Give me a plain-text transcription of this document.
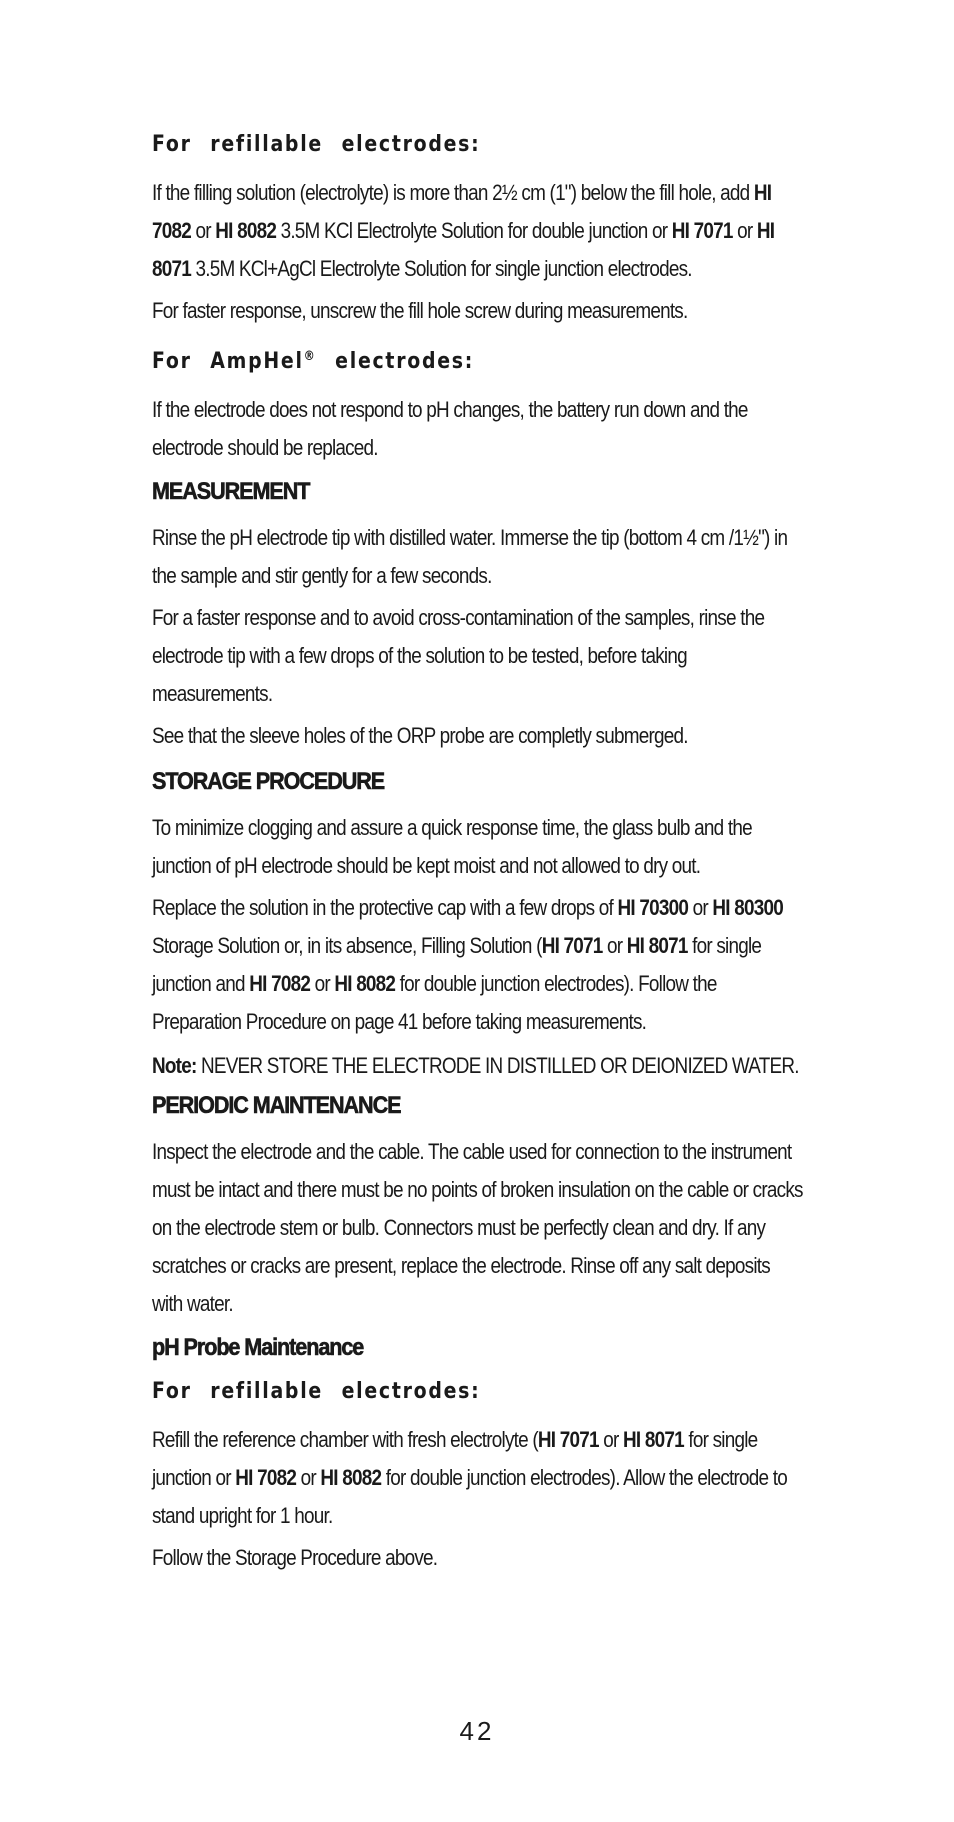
For refillable electrodes:

If the filling solution (electrolyte) is more than 2½ cm (1") below the fill hole, add HI 7082 or HI 8082 3.5M KCl Electrolyte Solution for double junction or HI 7071 or HI 8071 3.5M KCl+AgCl Electrolyte Solution for single junction electrodes.

For faster response, unscrew the fill hole screw during measurements.

For AmpHel® electrodes:

If the electrode does not respond to pH changes, the battery run down and the electrode should be replaced.

MEASUREMENT

Rinse the pH electrode tip with distilled water. Immerse the tip (bottom 4 cm /1½") in the sample and stir gently for a few seconds.

For a faster response and to avoid cross-contamination of the samples, rinse the electrode tip with a few drops of the solution to be tested, before taking measurements.

See that the sleeve holes of the ORP probe are completly submerged.

STORAGE PROCEDURE

To minimize clogging and assure a quick response time, the glass bulb and the junction of pH electrode should be kept moist and not allowed to dry out.

Replace the solution in the protective cap with a few drops of HI 70300 or HI 80300 Storage Solution or, in its absence, Filling Solution (HI 7071 or HI 8071 for single junction and HI 7082 or HI 8082 for double junction electrodes). Follow the Preparation Procedure on page 41 before taking measurements.

Note: NEVER STORE THE ELECTRODE IN DISTILLED OR DEIONIZED WATER.

PERIODIC MAINTENANCE

Inspect the electrode and the cable. The cable used for connection to the instrument must be intact and there must be no points of broken insulation on the cable or cracks on the electrode stem or bulb. Connectors must be perfectly clean and dry. If any scratches or cracks are present, replace the electrode. Rinse off any salt deposits with water.

pH Probe Maintenance
For refillable electrodes:

Refill the reference chamber with fresh electrolyte (HI 7071 or HI 8071 for single junction or HI 7082 or HI 8082 for double junction electrodes). Allow the electrode to stand upright for 1 hour.

Follow the Storage Procedure above.

42
